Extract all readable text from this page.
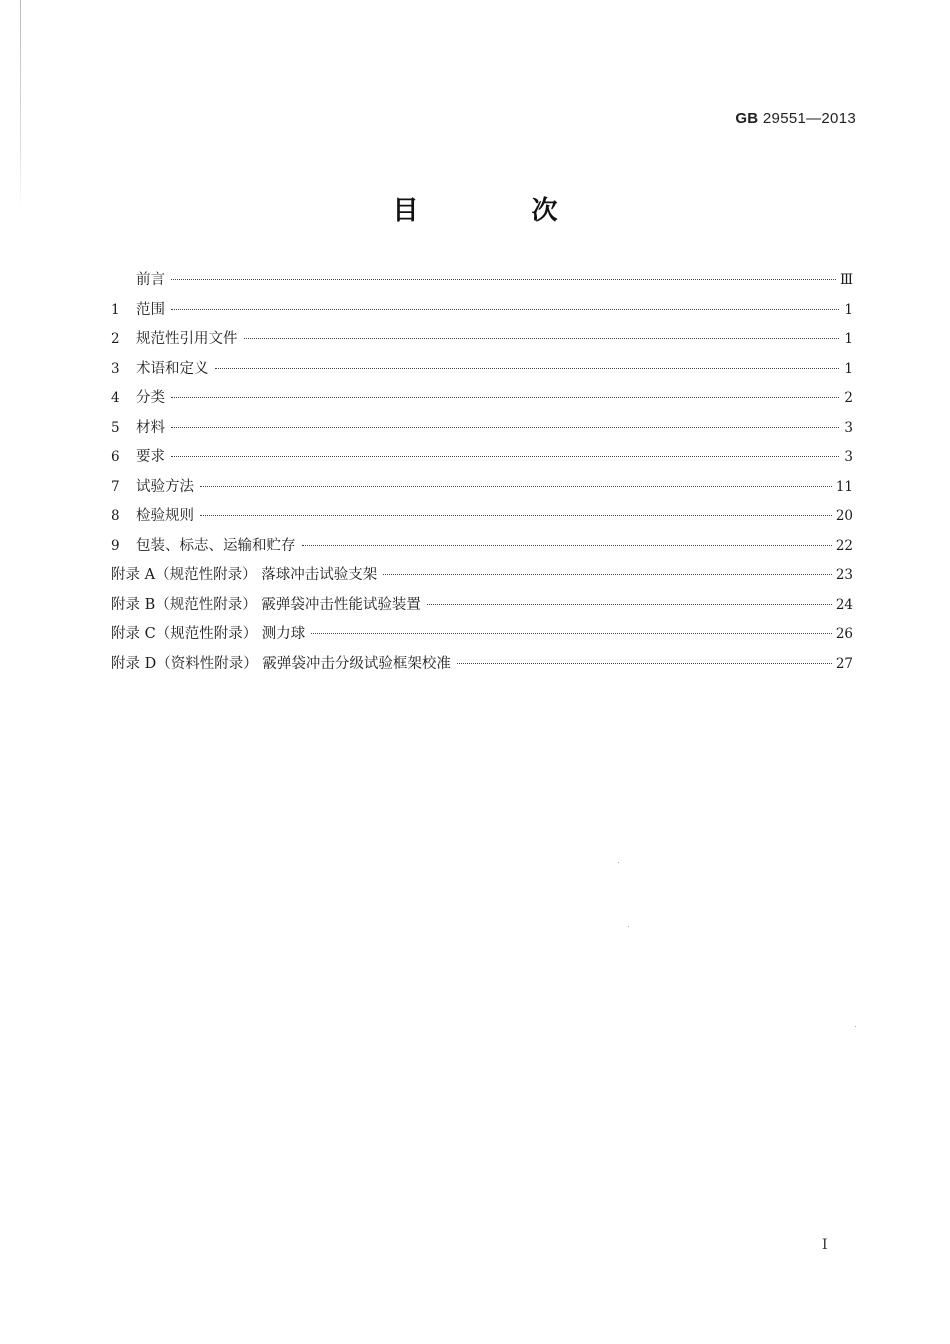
GB 29551—2013
目 次
前言	Ⅲ
1	范围	1
2	规范性引用文件	1
3	术语和定义	1
4	分类	2
5	材料	3
6	要求	3
7	试验方法	11
8	检验规则	20
9	包装、标志、运输和贮存	22
附录 A（规范性附录） 落球冲击试验支架	23
附录 B（规范性附录） 霰弹袋冲击性能试验装置	24
附录 C（规范性附录） 测力球	26
附录 D（资料性附录） 霰弹袋冲击分级试验框架校准	27
I
